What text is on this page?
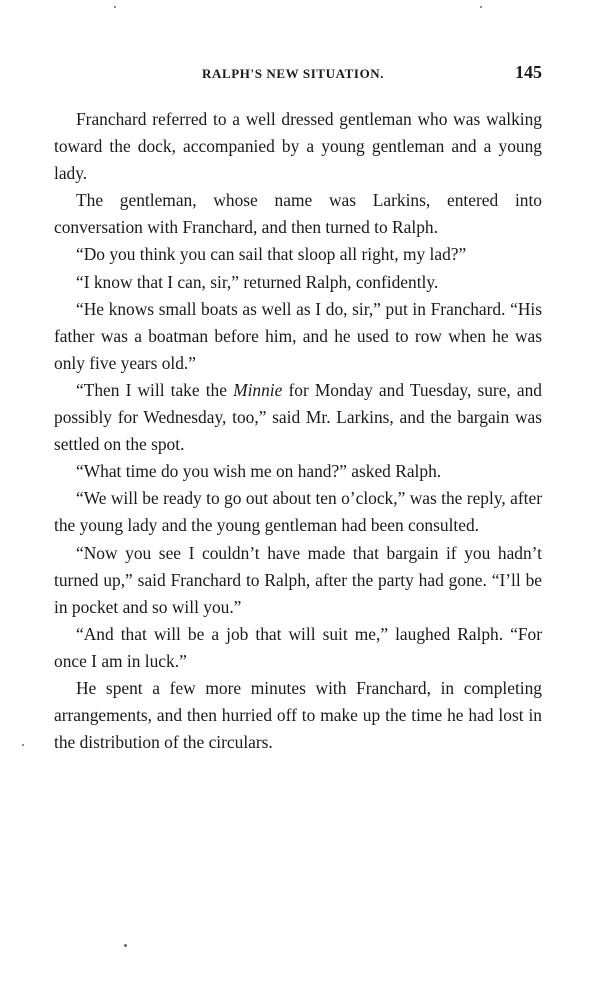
RALPH'S NEW SITUATION.	145

Franchard referred to a well dressed gentleman who was walking toward the dock, accompanied by a young gentleman and a young lady.

The gentleman, whose name was Larkins, entered into conversation with Franchard, and then turned to Ralph.

“Do you think you can sail that sloop all right, my lad?”

“I know that I can, sir,” returned Ralph, confidently.

“He knows small boats as well as I do, sir,” put in Franchard. “His father was a boatman before him, and he used to row when he was only five years old.”

“Then I will take the Minnie for Monday and Tuesday, sure, and possibly for Wednesday, too,” said Mr. Larkins, and the bargain was settled on the spot.

“What time do you wish me on hand?” asked Ralph.

“We will be ready to go out about ten o’clock,” was the reply, after the young lady and the young gentleman had been consulted.

“Now you see I couldn’t have made that bargain if you hadn’t turned up,” said Franchard to Ralph, after the party had gone. “I’ll be in pocket and so will you.”

“And that will be a job that will suit me,” laughed Ralph. “For once I am in luck.”

He spent a few more minutes with Franchard, in completing arrangements, and then hurried off to make up the time he had lost in the distribution of the circulars.
